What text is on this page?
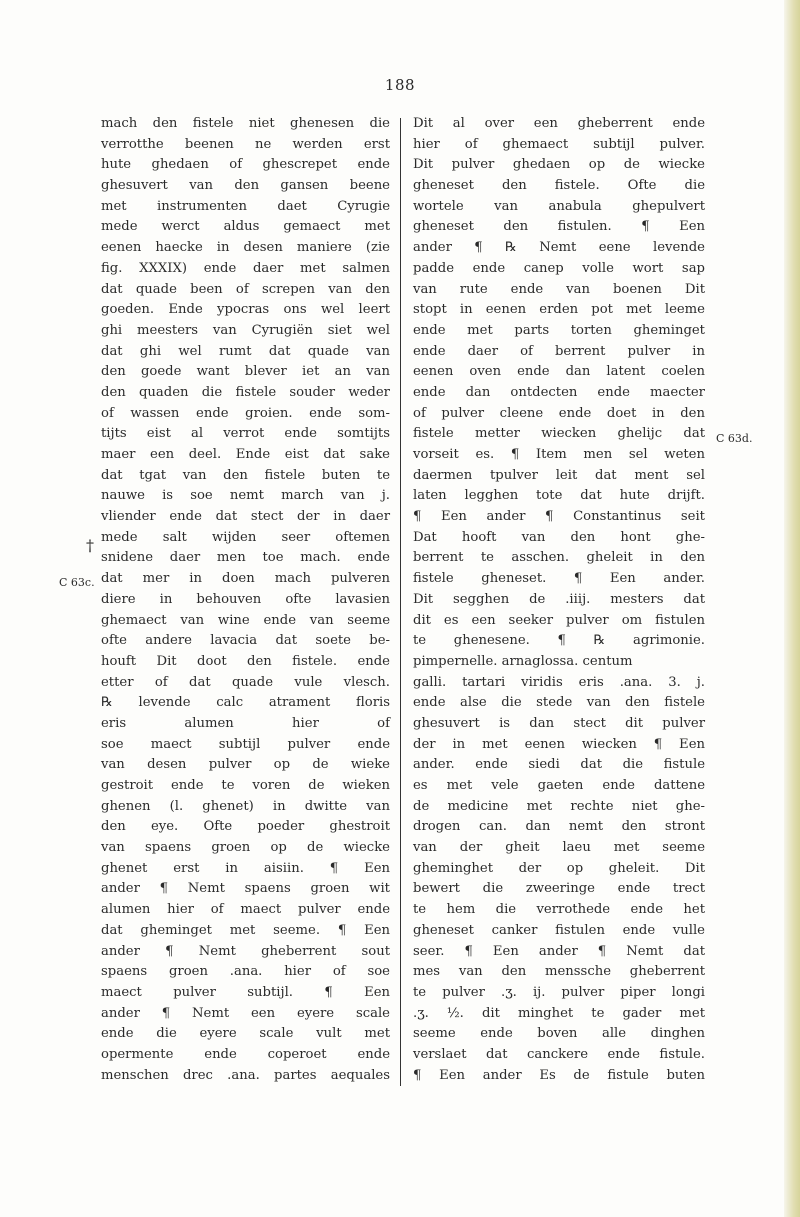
188
†
C 63c.
C 63d.
mach den fistele niet ghenesen die
verrotthe beenen ne werden erst
hute ghedaen of ghescrepet ende
ghesuvert van den gansen beene
met instrumenten daet Cyrugie
mede werct aldus gemaect met
eenen haecke in desen maniere (zie
fig. XXXIX) ende daer met salmen
dat quade been of screpen van den
goeden. Ende ypocras ons wel leert
ghi meesters van Cyrugiën siet wel
dat ghi wel rumt dat quade van
den goede want blever iet an van
den quaden die fistele souder weder
of wassen ende groien. ende som-
tijts eist al verrot ende somtijts
maer een deel. Ende eist dat sake
dat tgat van den fistele buten te
nauwe is soe nemt march van j.
vliender ende dat stect der in daer
mede salt wijden seer oftemen
snidene daer men toe mach. ende
dat mer in doen mach pulveren
diere in behouven ofte lavasien
ghemaect van wine ende van seeme
ofte andere lavacia dat soete be-
houft Dit doot den fistele. ende
etter of dat quade vule vlesch.
℞ levende calc atrament floris
eris alumen hier of
soe maect subtijl pulver ende
van desen pulver op de wieke
gestroit ende te voren de wieken
ghenen (l. ghenet) in dwitte van
den eye. Ofte poeder ghestroit
van spaens groen op de wiecke
ghenet erst in aisiin. ¶ Een
ander ¶ Nemt spaens groen wit
alumen hier of maect pulver ende
dat gheminget met seeme. ¶ Een
ander ¶ Nemt gheberrent sout
spaens groen .ana. hier of soe
maect pulver subtijl. ¶ Een
ander ¶ Nemt een eyere scale
ende die eyere scale vult met
opermente ende coperoet ende
menschen drec .ana. partes aequales
Dit al over een gheberrent ende
hier of ghemaect subtijl pulver.
Dit pulver ghedaen op de wiecke
gheneset den fistele. Ofte die
wortele van anabula ghepulvert
gheneset den fistulen. ¶ Een
ander ¶ ℞ Nemt eene levende
padde ende canep volle wort sap
van rute ende van boenen Dit
stopt in eenen erden pot met leeme
ende met parts torten gheminget
ende daer of berrent pulver in
eenen oven ende dan latent coelen
ende dan ontdecten ende maecter
of pulver cleene ende doet in den
fistele metter wiecken ghelijc dat
vorseit es. ¶ Item men sel weten
daermen tpulver leit dat ment sel
laten legghen tote dat hute drijft.
¶ Een ander ¶ Constantinus seit
Dat hooft van den hont ghe-
berrent te asschen. gheleit in den
fistele gheneset. ¶ Een ander.
Dit segghen de .iiij. mesters dat
dit es een seeker pulver om fistulen
te ghenesene. ¶ ℞ agrimonie.
pimpernelle. arnaglossa. centum
galli. tartari viridis eris .ana. 3. j.
ende alse die stede van den fistele
ghesuvert is dan stect dit pulver
der in met eenen wiecken ¶ Een
ander. ende siedi dat die fistule
es met vele gaeten ende dattene
de medicine met rechte niet ghe-
drogen can. dan nemt den stront
van der gheit laeu met seeme
gheminghet der op gheleit. Dit
bewert die zweeringe ende trect
te hem die verrothede ende het
gheneset canker fistulen ende vulle
seer. ¶ Een ander ¶ Nemt dat
mes van den menssche gheberrent
te pulver .ʒ. ij. pulver piper longi
.ʒ. ½. dit minghet te gader met
seeme ende boven alle dinghen
verslaet dat canckere ende fistule.
¶ Een ander Es de fistule buten
